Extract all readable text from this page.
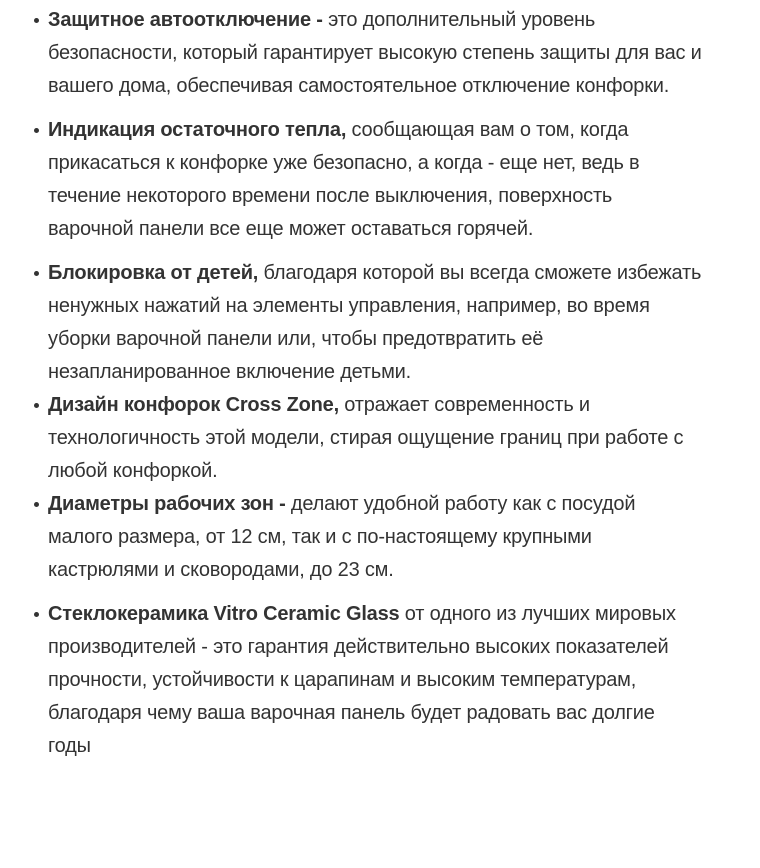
Защитное автоотключение - это дополнительный уровень безопасности, который гарантирует высокую степень защиты для вас и вашего дома, обеспечивая самостоятельное отключение конфорки.
Индикация остаточного тепла, сообщающая вам о том, когда прикасаться к конфорке уже безопасно, а когда - еще нет, ведь в течение некоторого времени после выключения, поверхность варочной панели все еще может оставаться горячей.
Блокировка от детей, благодаря которой вы всегда сможете избежать ненужных нажатий на элементы управления, например, во время уборки варочной панели или, чтобы предотвратить её незапланированное включение детьми.
Дизайн конфорок Cross Zone, отражает современность и технологичность этой модели, стирая ощущение границ при работе с любой конфоркой.
Диаметры рабочих зон - делают удобной работу как с посудой малого размера, от 12 см, так и с по-настоящему крупными кастрюлями и сковородами, до 23 см.
Стеклокерамика Vitro Ceramic Glass от одного из лучших мировых производителей - это гарантия действительно высоких показателей прочности, устойчивости к царапинам и высоким температурам, благодаря чему ваша варочная панель будет радовать вас долгие годы
